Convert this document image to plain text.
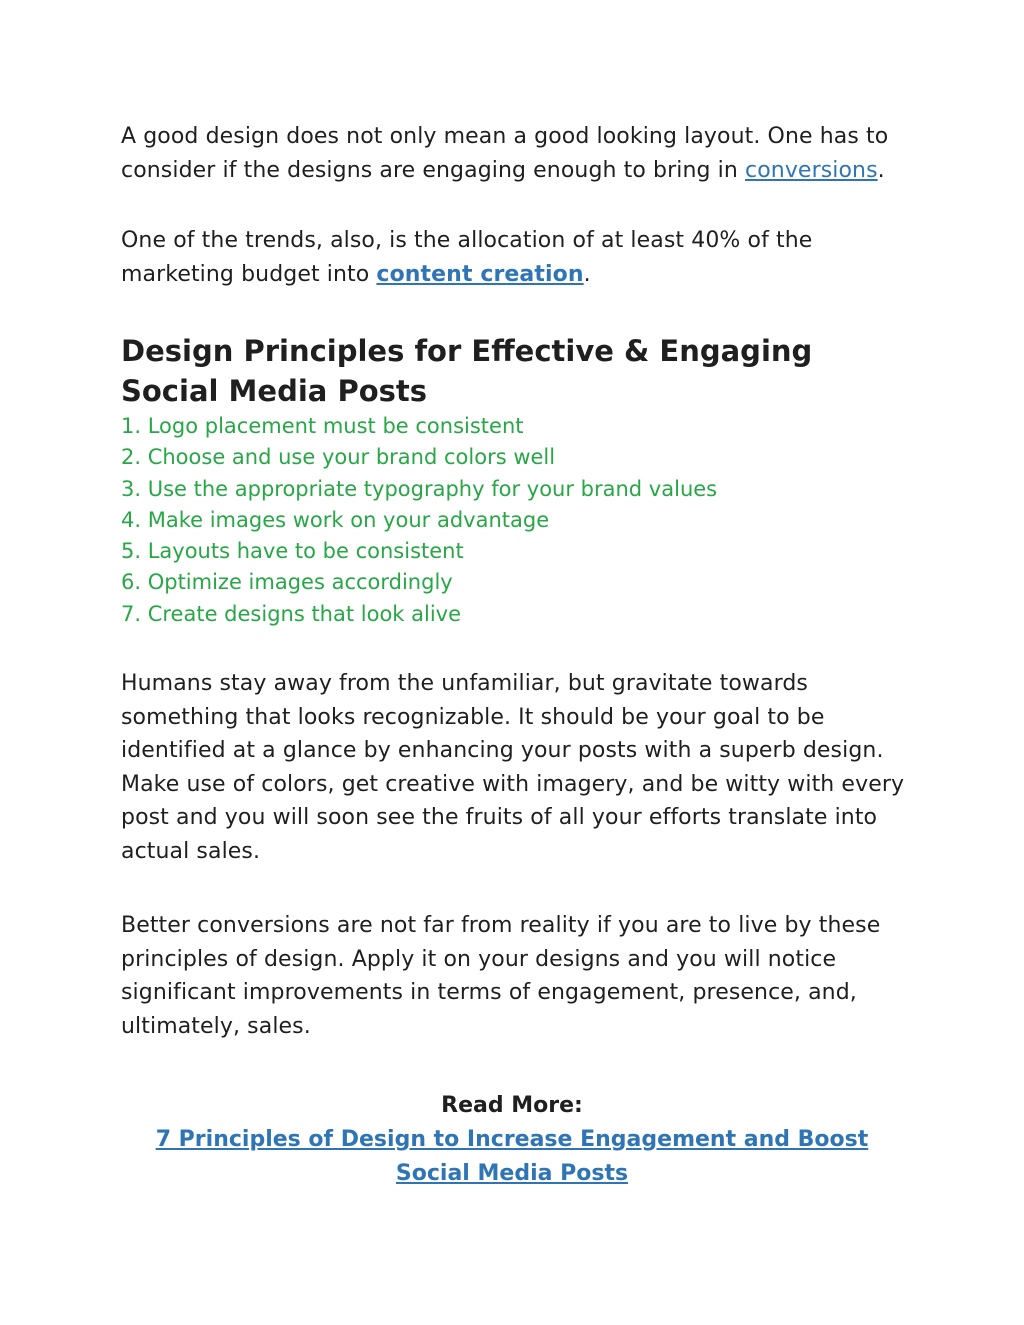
A good design does not only mean a good looking layout. One has to consider if the designs are engaging enough to bring in conversions.

One of the trends, also, is the allocation of at least 40% of the marketing budget into content creation.

Design Principles for Effective & Engaging Social Media Posts
1. Logo placement must be consistent
2. Choose and use your brand colors well
3. Use the appropriate typography for your brand values
4. Make images work on your advantage
5. Layouts have to be consistent
6. Optimize images accordingly
7. Create designs that look alive

Humans stay away from the unfamiliar, but gravitate towards something that looks recognizable. It should be your goal to be identified at a glance by enhancing your posts with a superb design. Make use of colors, get creative with imagery, and be witty with every post and you will soon see the fruits of all your efforts translate into actual sales.

Better conversions are not far from reality if you are to live by these principles of design. Apply it on your designs and you will notice significant improvements in terms of engagement, presence, and, ultimately, sales.

Read More:
7 Principles of Design to Increase Engagement and Boost Social Media Posts
